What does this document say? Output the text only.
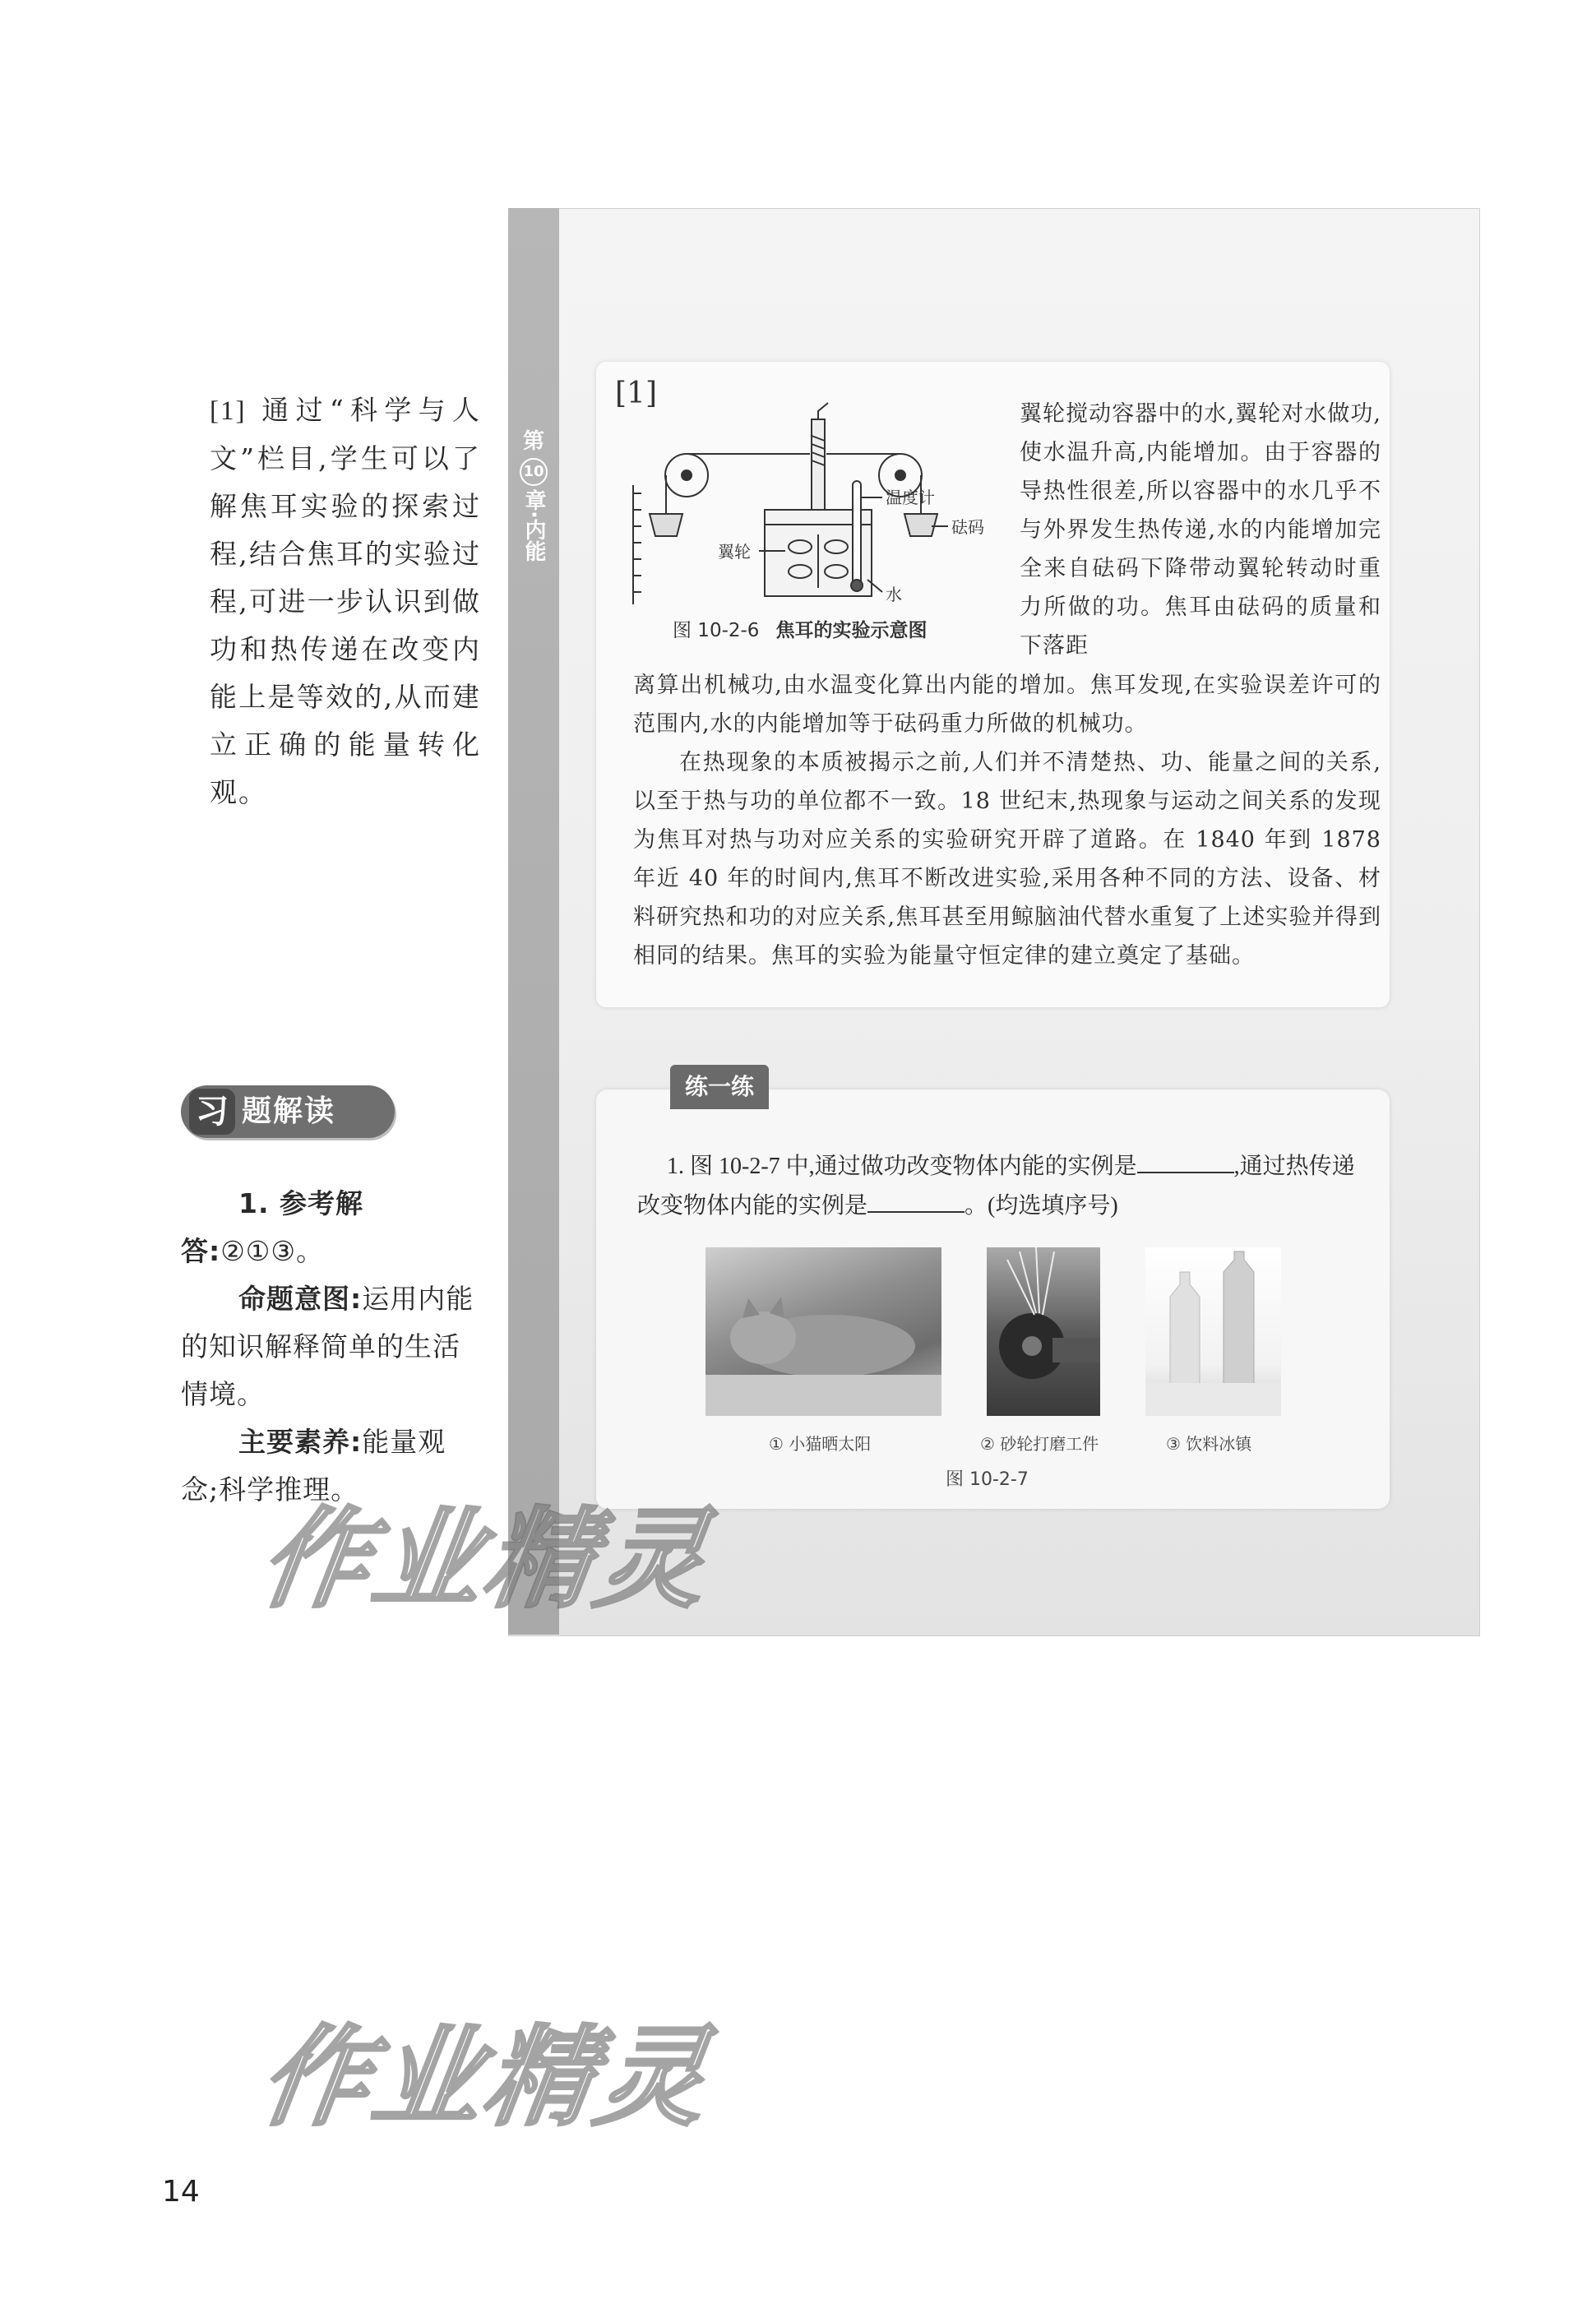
[1] 通过“科学与人文”栏目,学生可以了解焦耳实验的探索过程,结合焦耳的实验过程,可进一步认识到做功和热传递在改变内能上是等效的,从而建立正确的能量转化观。
习 题解读

1. 参考解答:②①③。

命题意图:运用内能的知识解释简单的生活情境。

主要素养:能量观念;科学推理。

第
10
章·内能
[1]
温度计
砝码
翼轮
水
图 10-2-6 焦耳的实验示意图
翼轮搅动容器中的水,翼轮对水做功,使水温升高,内能增加。由于容器的导热性很差,所以容器中的水几乎不与外界发生热传递,水的内能增加完全来自砝码下降带动翼轮转动时重力所做的功。焦耳由砝码的质量和下落距

离算出机械功,由水温变化算出内能的增加。焦耳发现,在实验误差许可的范围内,水的内能增加等于砝码重力所做的机械功。

在热现象的本质被揭示之前,人们并不清楚热、功、能量之间的关系,以至于热与功的单位都不一致。18 世纪末,热现象与运动之间关系的发现为焦耳对热与功对应关系的实验研究开辟了道路。在 1840 年到 1878 年近 40 年的时间内,焦耳不断改进实验,采用各种不同的方法、设备、材料研究热和功的对应关系,焦耳甚至用鲸脑油代替水重复了上述实验并得到相同的结果。焦耳的实验为能量守恒定律的建立奠定了基础。

练一练
1. 图 10-2-7 中,通过做功改变物体内能的实例是	,通过热传递改变物体内能的实例是	。(均选填序号)
① 小猫晒太阳	② 砂轮打磨工件	③ 饮料冰镇
图 10-2-7
作业精灵
作业精灵
14
